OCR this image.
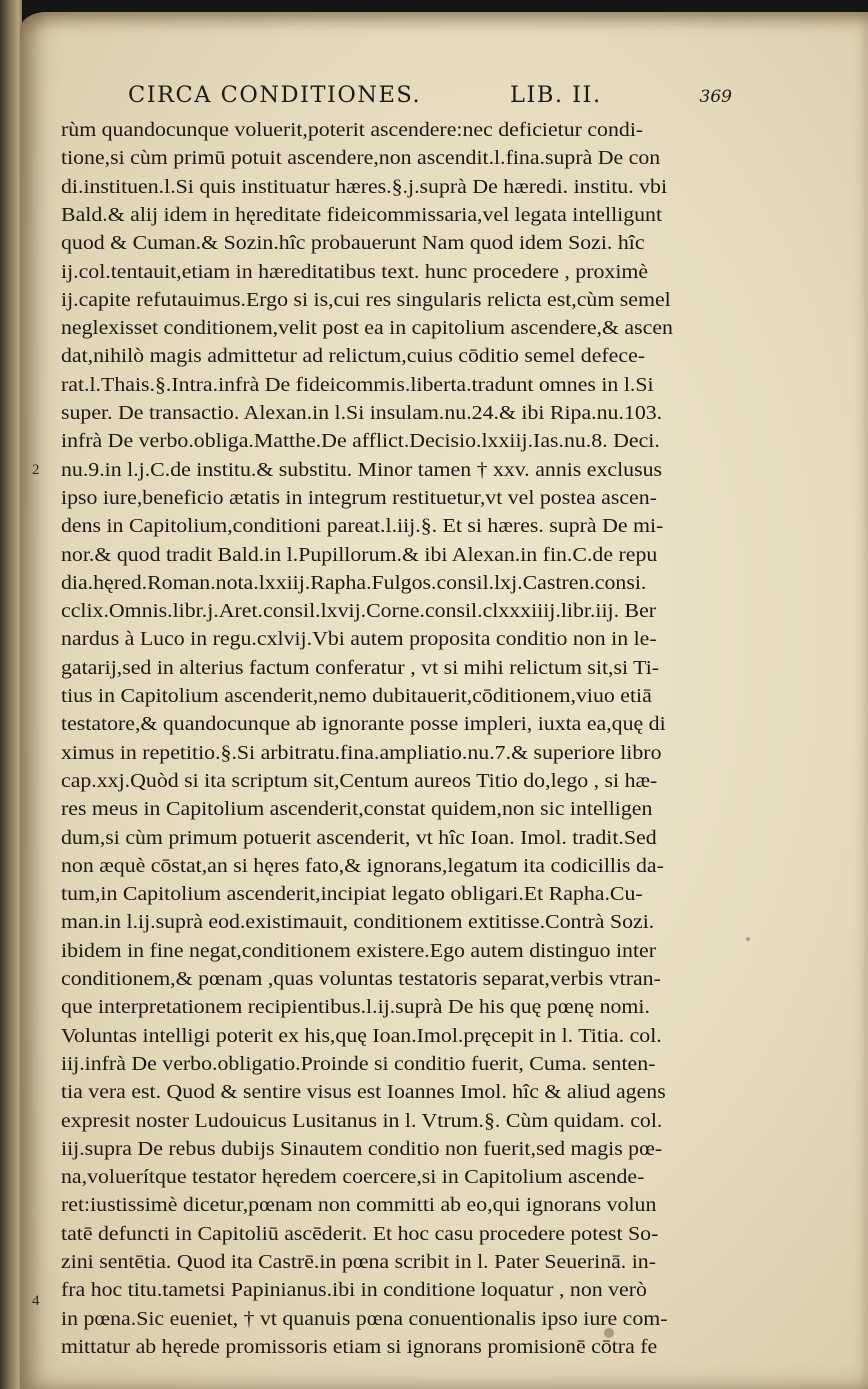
CIRCA CONDITIONES.	LIB. II.	369
2
4
rùm quandocunque voluerit,poterit ascendere:nec deficietur condi-
tione,si cùm primū potuit ascendere,non ascendit.l.fina.suprà De con
di.instituen.l.Si quis instituatur hæres.§.j.suprà De hæredi. institu. vbi
Bald.& alij idem in hęreditate fideicommissaria,vel legata intelligunt
quod & Cuman.& Sozin.hîc probauerunt Nam quod idem Sozi. hîc
ij.col.tentauit,etiam in hæreditatibus text. hunc procedere , proximè
ij.capite refutauimus.Ergo si is,cui res singularis relicta est,cùm semel
neglexisset conditionem,velit post ea in capitolium ascendere,& ascen
dat,nihilò magis admittetur ad relictum,cuius cōditio semel defece-
rat.l.Thais.§.Intra.infrà De fideicommis.liberta.tradunt omnes in l.Si
super. De transactio. Alexan.in l.Si insulam.nu.24.& ibi Ripa.nu.103.
infrà De verbo.obliga.Matthe.De afflict.Decisio.lxxiij.Ias.nu.8. Deci.
nu.9.in l.j.C.de institu.& substitu. Minor tamen † xxv. annis exclusus
ipso iure,beneficio ætatis in integrum restituetur,vt vel postea ascen-
dens in Capitolium,conditioni pareat.l.iij.§. Et si hæres. suprà De mi-
nor.& quod tradit Bald.in l.Pupillorum.& ibi Alexan.in fin.C.de repu
dia.hęred.Roman.nota.lxxiij.Rapha.Fulgos.consil.lxj.Castren.consi.
cclix.Omnis.libr.j.Aret.consil.lxvij.Corne.consil.clxxxiiij.libr.iij. Ber
nardus à Luco in regu.cxlvij.Vbi autem proposita conditio non in le-
gatarij,sed in alterius factum conferatur , vt si mihi relictum sit,si Ti-
tius in Capitolium ascenderit,nemo dubitauerit,cōditionem,viuo etiā
testatore,& quandocunque ab ignorante posse impleri, iuxta ea,quę di
ximus in repetitio.§.Si arbitratu.fina.ampliatio.nu.7.& superiore libro
cap.xxj.Quòd si ita scriptum sit,Centum aureos Titio do,lego , si hæ-
res meus in Capitolium ascenderit,constat quidem,non sic intelligen
dum,si cùm primum potuerit ascenderit, vt hîc Ioan. Imol. tradit.Sed
non æquè cōstat,an si hęres fato,& ignorans,legatum ita codicillis da-
tum,in Capitolium ascenderit,incipiat legato obligari.Et Rapha.Cu-
man.in l.ij.suprà eod.existimauit, conditionem extitisse.Contrà Sozi.
ibidem in fine negat,conditionem existere.Ego autem distinguo inter
conditionem,& pœnam ,quas voluntas testatoris separat,verbis vtran-
que interpretationem recipientibus.l.ij.suprà De his quę pœnę nomi.
Voluntas intelligi poterit ex his,quę Ioan.Imol.pręcepit in l. Titia. col.
iij.infrà De verbo.obligatio.Proinde si conditio fuerit, Cuma. senten-
tia vera est. Quod & sentire visus est Ioannes Imol. hîc & aliud agens
expresit noster Ludouicus Lusitanus in l. Vtrum.§. Cùm quidam. col.
iij.supra De rebus dubijs Sinautem conditio non fuerit,sed magis pœ-
na,voluerítque testator hęredem coercere,si in Capitolium ascende-
ret:iustissimè dicetur,pœnam non committi ab eo,qui ignorans volun
tatē defuncti in Capitoliū ascēderit. Et hoc casu procedere potest So-
zini sentētia. Quod ita Castrē.in pœna scribit in l. Pater Seuerinā. in-
fra hoc titu.tametsi Papinianus.ibi in conditione loquatur , non verò
in pœna.Sic eueniet, † vt quanuis pœna conuentionalis ipso iure com-
mittatur ab hęrede promissoris etiam si ignorans promisionē cōtra fe
